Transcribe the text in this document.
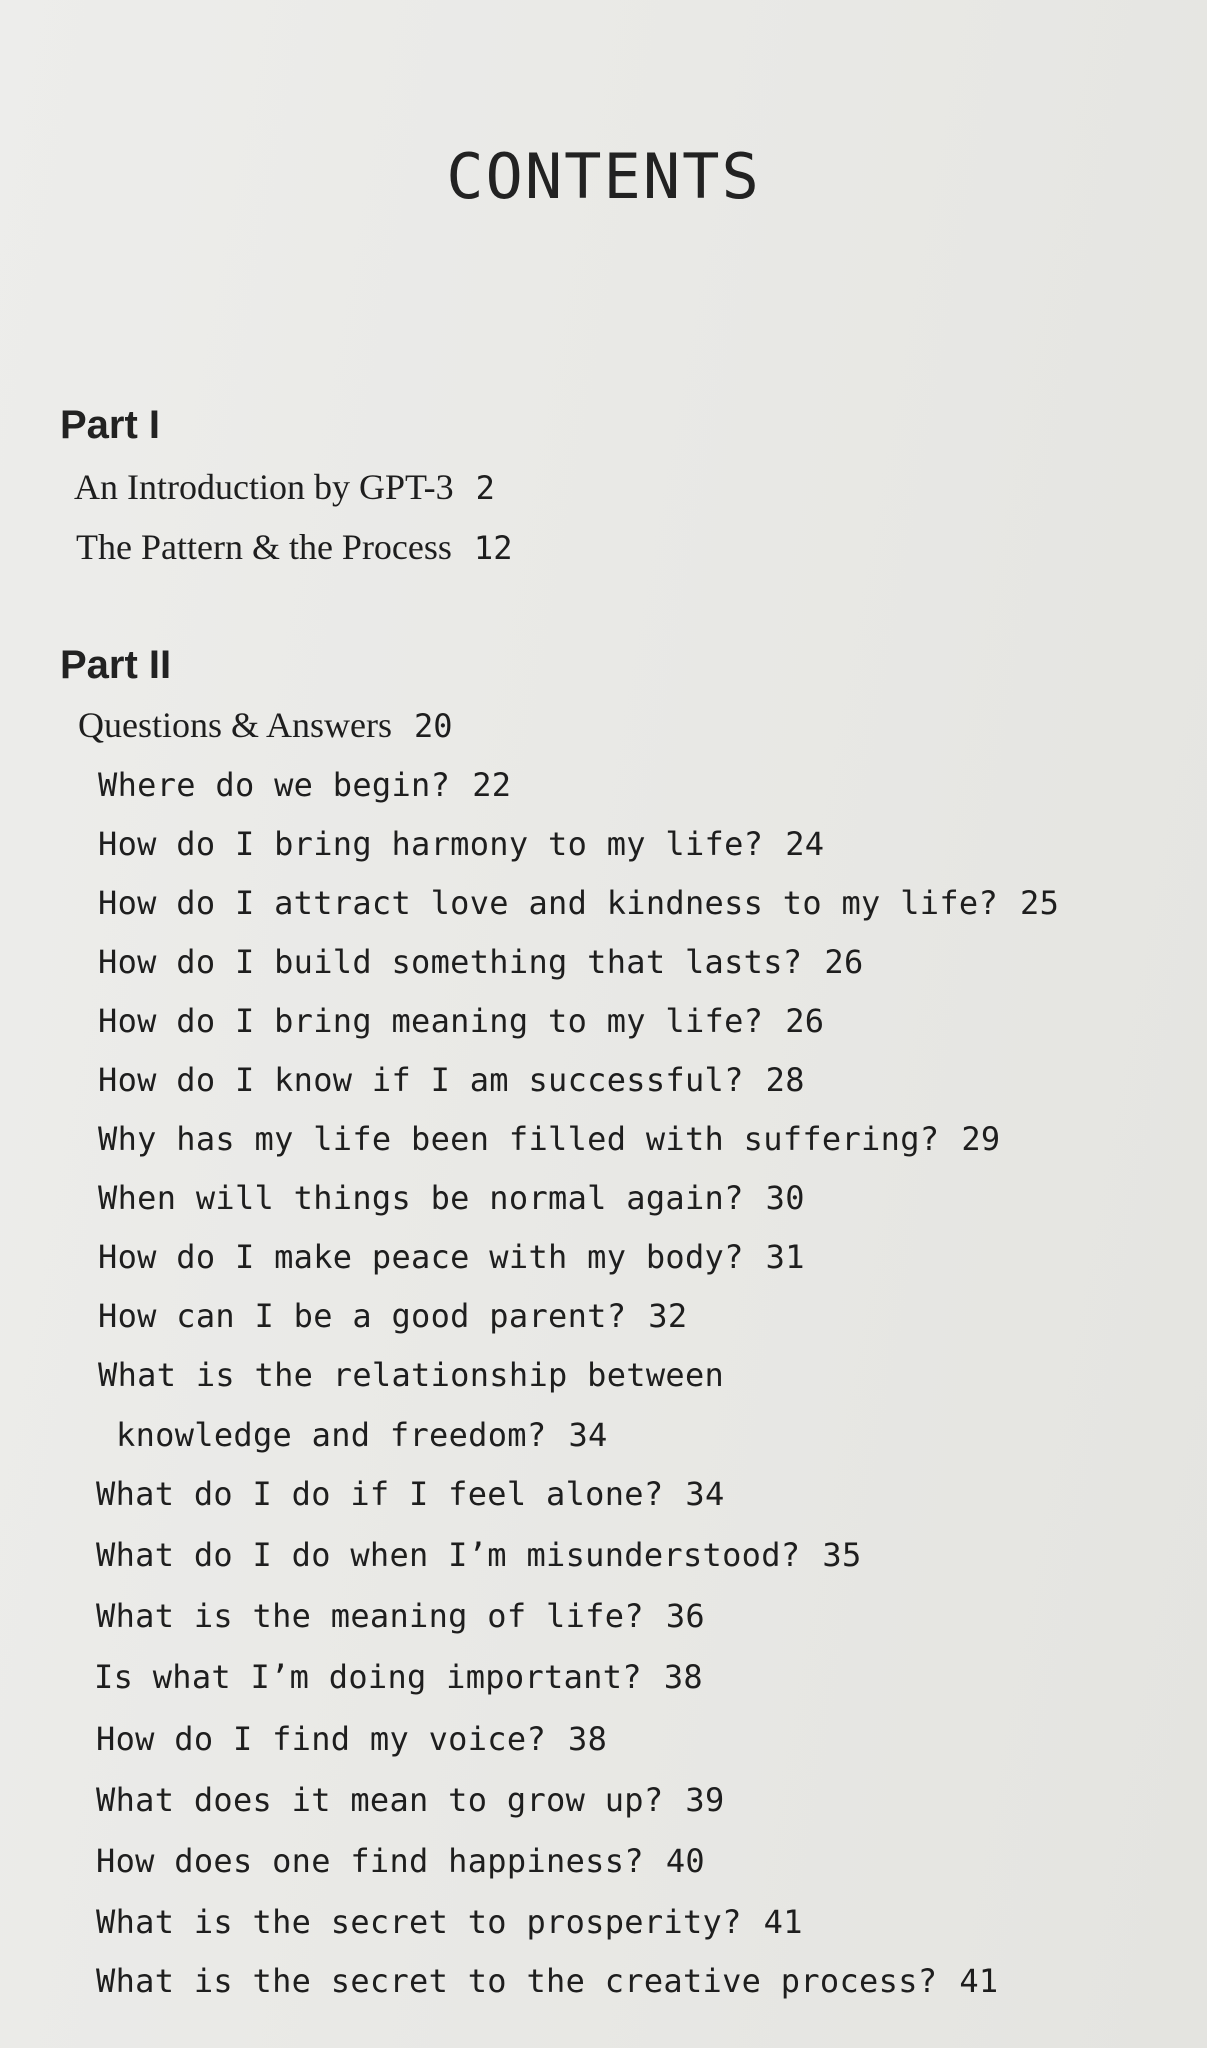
CONTENTS
Part I
An Introduction by GPT-3 2
The Pattern & the Process 12
Part II
Questions & Answers 20
Where do we begin? 22
How do I bring harmony to my life? 24
How do I attract love and kindness to my life? 25
How do I build something that lasts? 26
How do I bring meaning to my life? 26
How do I know if I am successful? 28
Why has my life been filled with suffering? 29
When will things be normal again? 30
How do I make peace with my body? 31
How can I be a good parent? 32
What is the relationship between
knowledge and freedom? 34
What do I do if I feel alone? 34
What do I do when I’m misunderstood? 35
What is the meaning of life? 36
Is what I’m doing important? 38
How do I find my voice? 38
What does it mean to grow up? 39
How does one find happiness? 40
What is the secret to prosperity? 41
What is the secret to the creative process? 41
